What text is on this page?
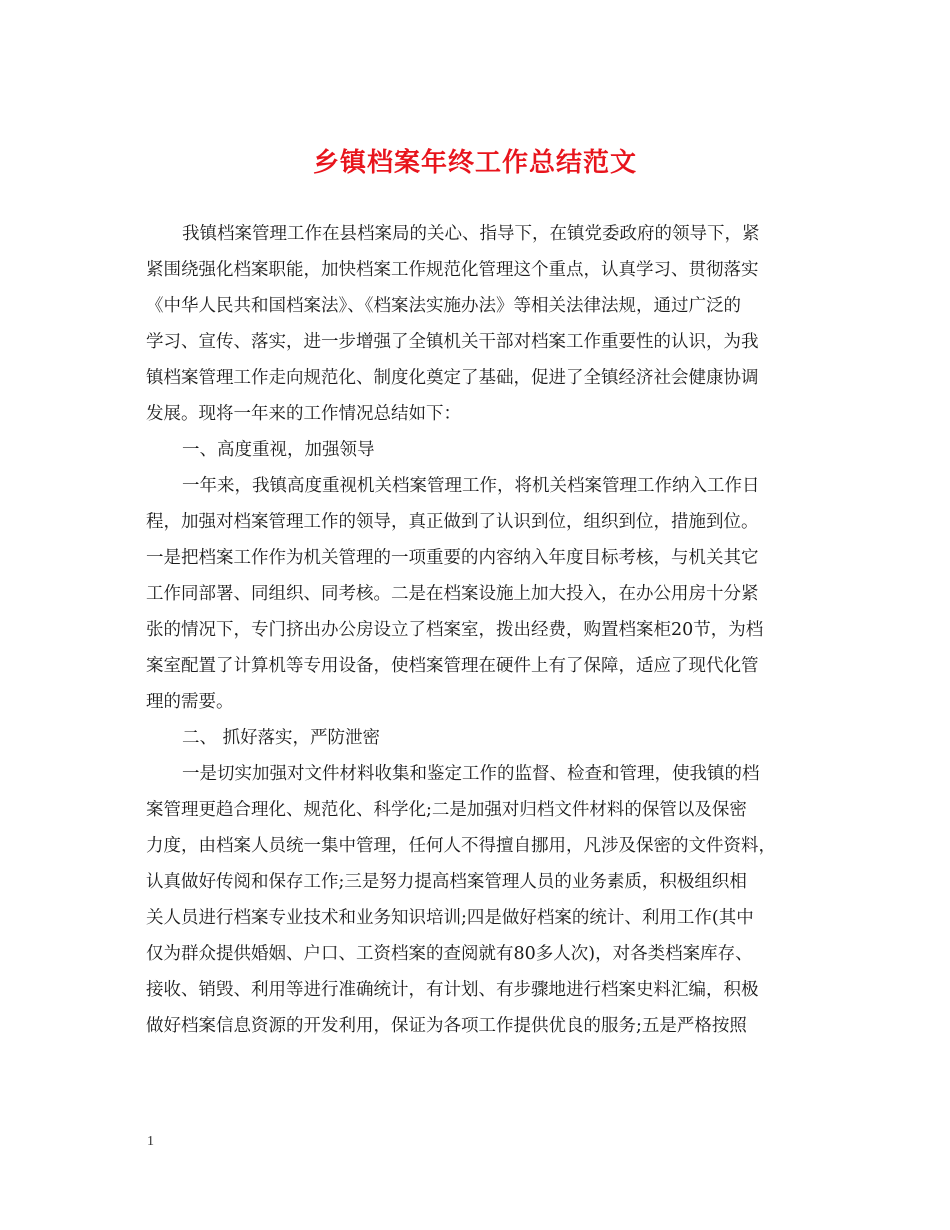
乡镇档案年终工作总结范文
我镇档案管理工作在县档案局的关心、指导下，在镇党委政府的领导下，紧
紧围绕强化档案职能，加快档案工作规范化管理这个重点，认真学习、贯彻落实
《中华人民共和国档案法》、《档案法实施办法》等相关法律法规，通过广泛的
学习、宣传、落实，进一步增强了全镇机关干部对档案工作重要性的认识，为我
镇档案管理工作走向规范化、制度化奠定了基础，促进了全镇经济社会健康协调
发展。现将一年来的工作情况总结如下：
一、高度重视，加强领导
一年来，我镇高度重视机关档案管理工作，将机关档案管理工作纳入工作日
程，加强对档案管理工作的领导，真正做到了认识到位，组织到位，措施到位。
一是把档案工作作为机关管理的一项重要的内容纳入年度目标考核，与机关其它
工作同部署、同组织、同考核。二是在档案设施上加大投入，在办公用房十分紧
张的情况下，专门挤出办公房设立了档案室，拨出经费，购置档案柜20节，为档
案室配置了计算机等专用设备，使档案管理在硬件上有了保障，适应了现代化管
理的需要。
二、 抓好落实，严防泄密
一是切实加强对文件材料收集和鉴定工作的监督、检查和管理，使我镇的档
案管理更趋合理化、规范化、科学化;二是加强对归档文件材料的保管以及保密
力度，由档案人员统一集中管理，任何人不得擅自挪用，凡涉及保密的文件资料，
认真做好传阅和保存工作;三是努力提高档案管理人员的业务素质，积极组织相
关人员进行档案专业技术和业务知识培训;四是做好档案的统计、利用工作(其中
仅为群众提供婚姻、户口、工资档案的查阅就有80多人次)，对各类档案库存、
接收、销毁、利用等进行准确统计，有计划、有步骤地进行档案史料汇编，积极
做好档案信息资源的开发利用，保证为各项工作提供优良的服务;五是严格按照
1
